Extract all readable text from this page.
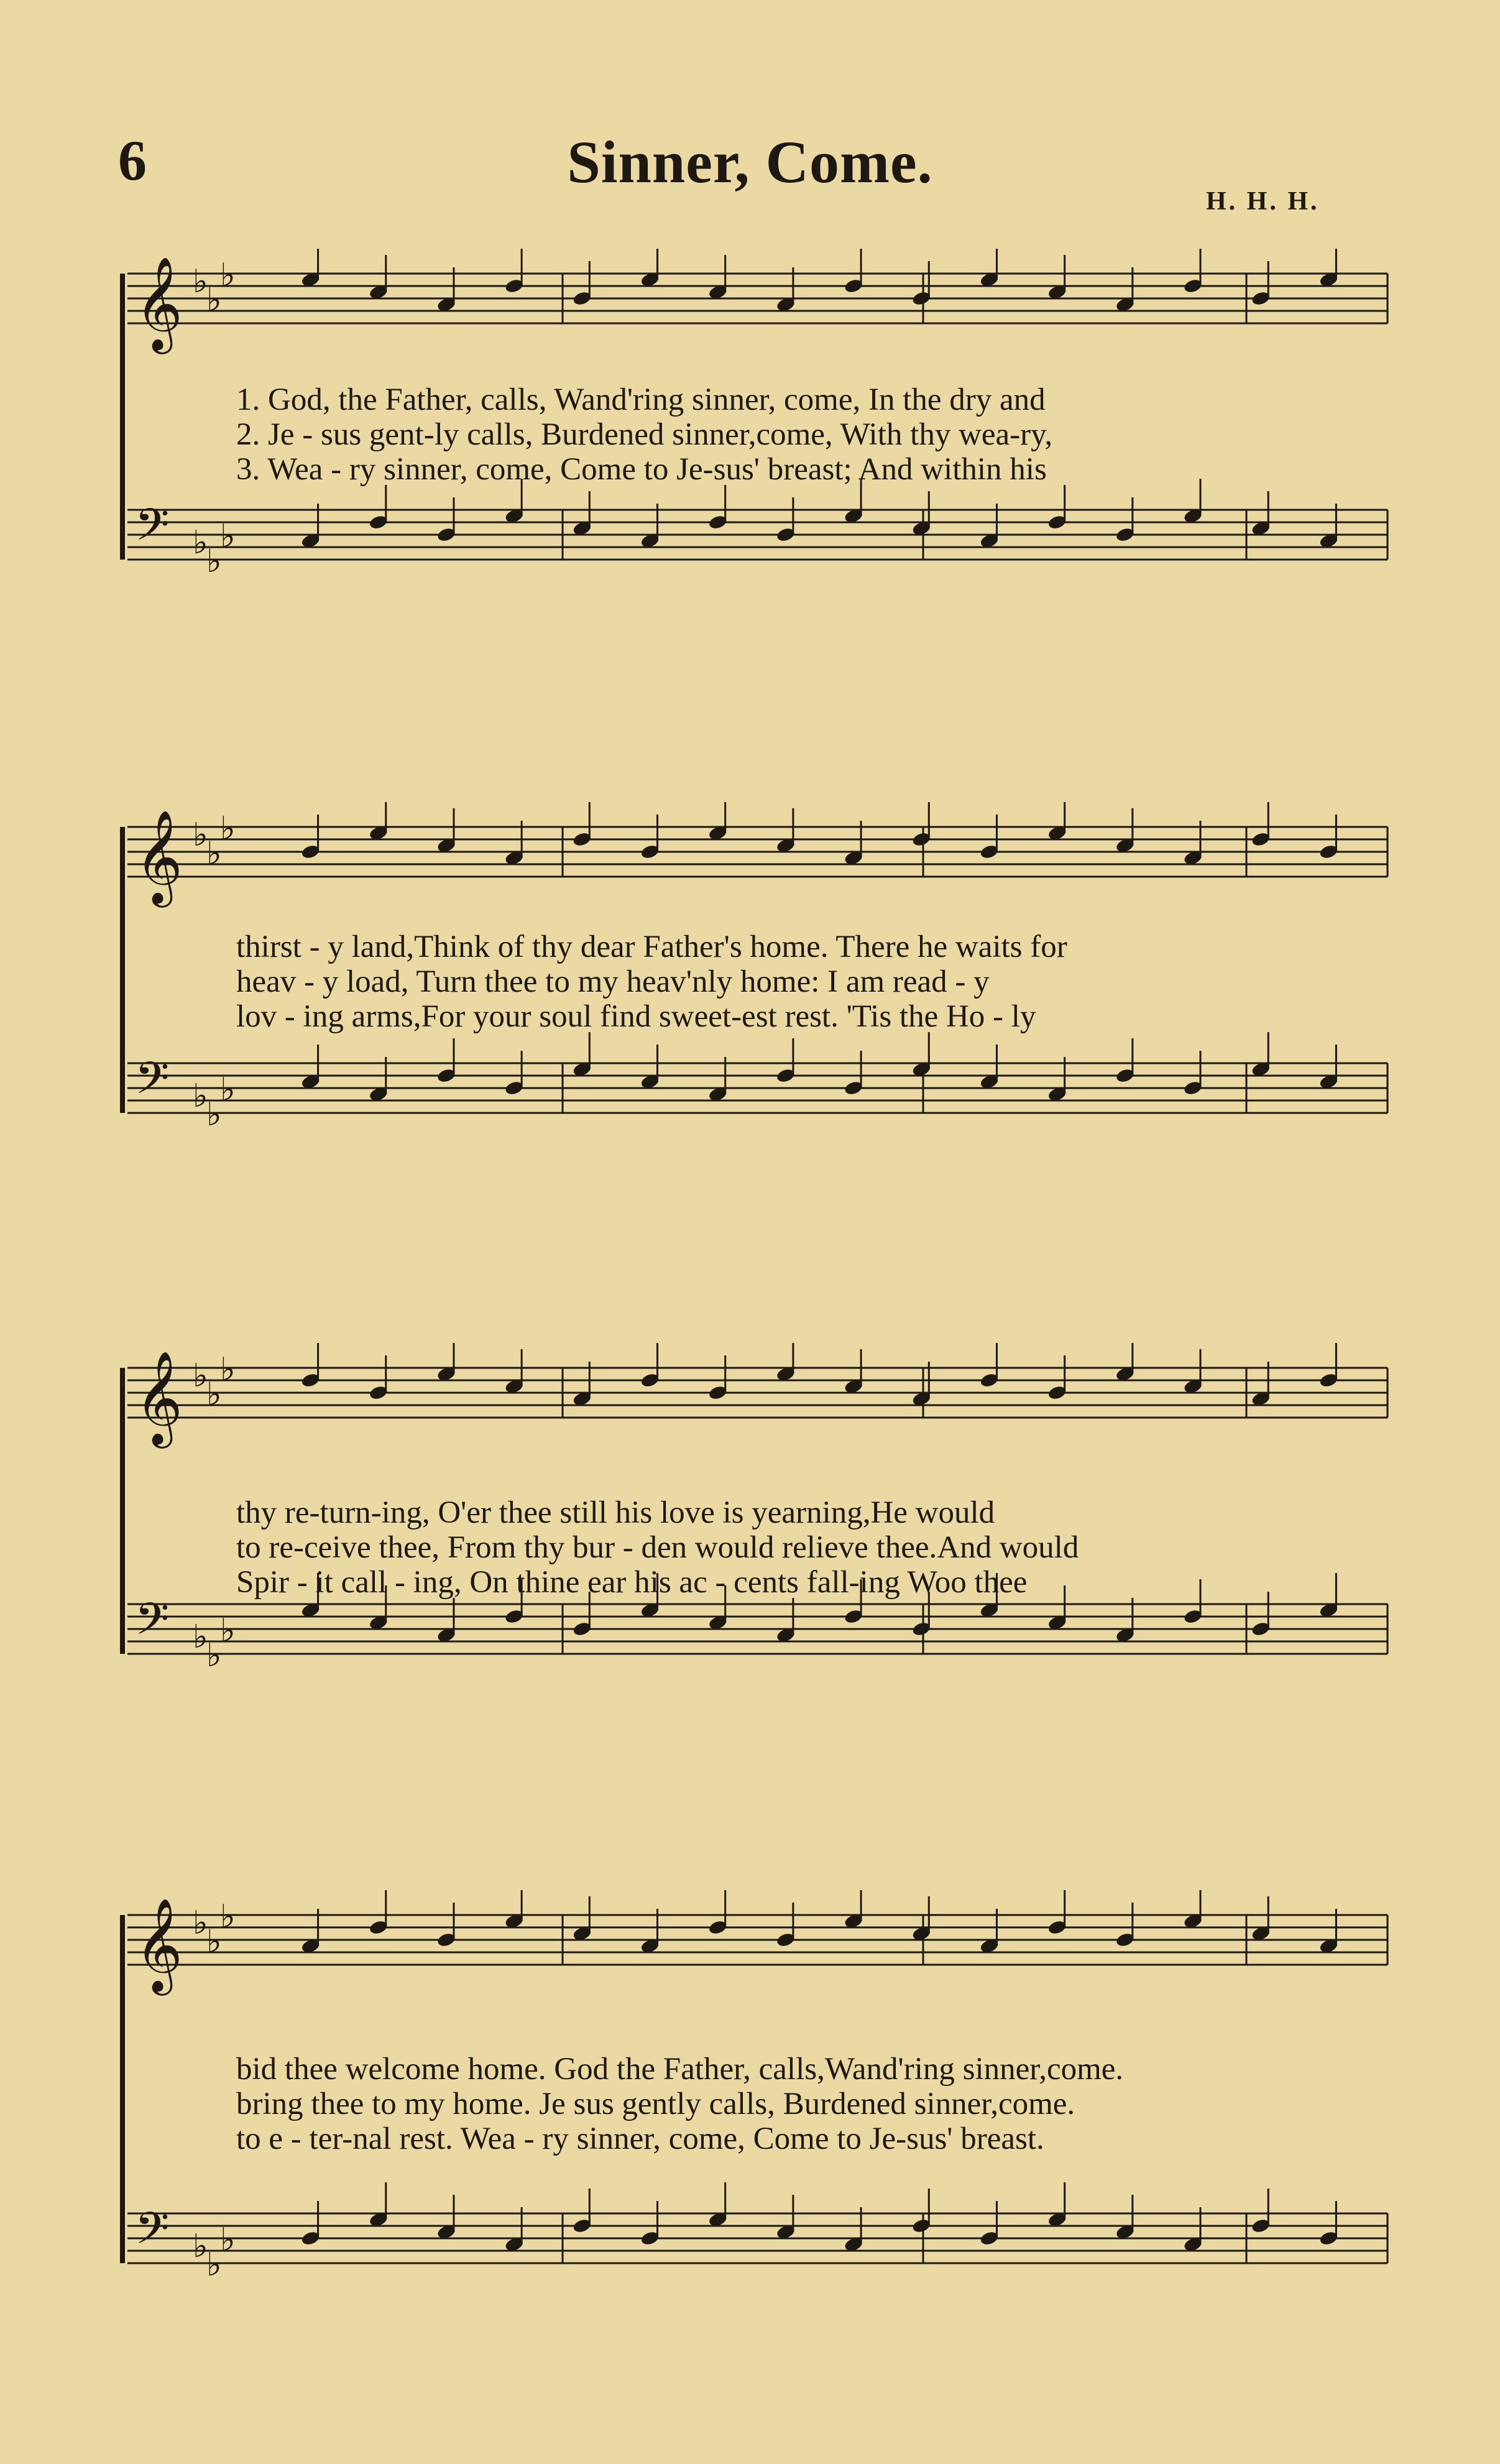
6	Sinner, Come.
H. H. H.
𝄞
𝄢
♭
♭
♭
♭
♭
♭
1. God, the Father, calls, Wand'ring sinner, come, In the dry and
2. Je - sus gent-ly calls, Burdened sinner,come, With thy wea-ry,
3. Wea - ry sinner, come, Come to Je-sus' breast; And within his
𝄞
𝄢
♭
♭
♭
♭
♭
♭
thirst - y land,Think of thy dear Father's home. There he waits for
heav - y load, Turn thee to my heav'nly home: I am read - y
lov - ing arms,For your soul find sweet-est rest. 'Tis the Ho - ly
𝄞
𝄢
♭
♭
♭
♭
♭
♭
thy re-turn-ing, O'er thee still his love is yearning,He would
to re-ceive thee, From thy bur - den would relieve thee.And would
Spir - it call - ing, On thine ear his ac - cents fall-ing Woo thee
𝄞
𝄢
♭
♭
♭
♭
♭
♭
bid thee welcome home. God the Father, calls,Wand'ring sinner,come.
bring thee to my home. Je sus gently calls, Burdened sinner,come.
to e - ter-nal rest. Wea - ry sinner, come, Come to Je-sus' breast.
